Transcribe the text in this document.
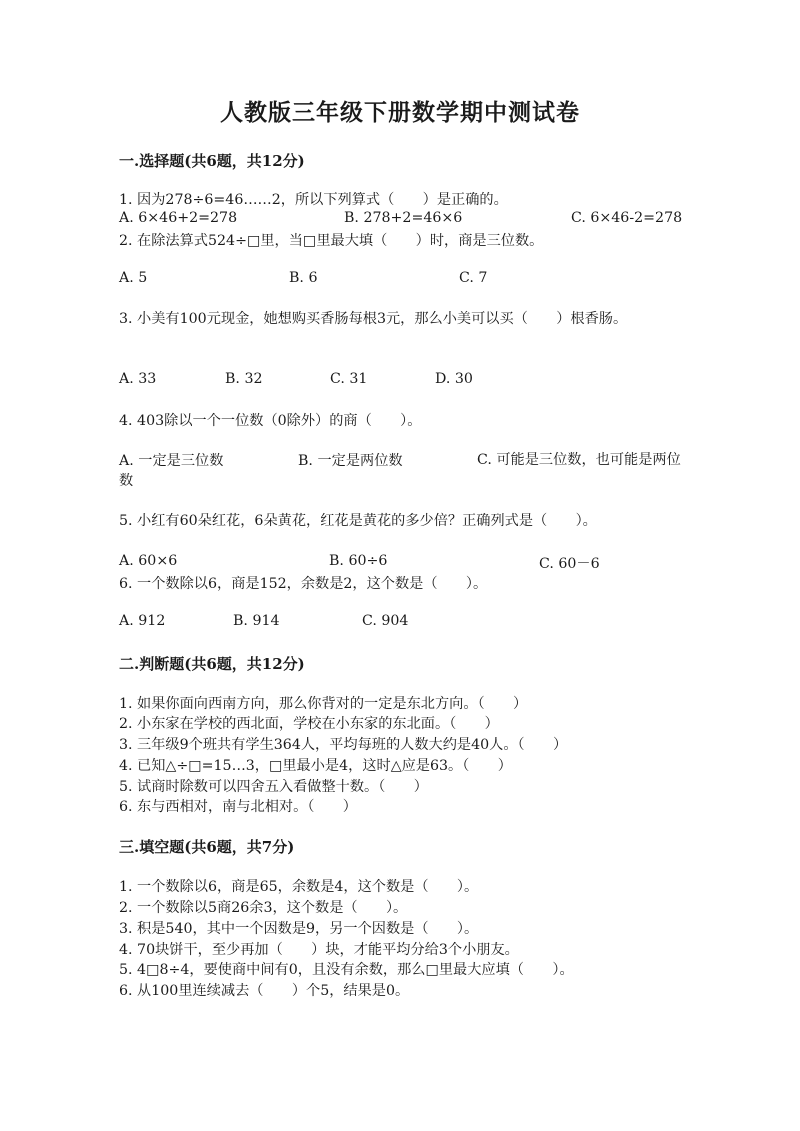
人教版三年级下册数学期中测试卷
一.选择题(共6题，共12分)
1. 因为278÷6=46……2，所以下列算式（　　）是正确的。
A. 6×46+2=278	B. 278+2=46×6	C. 6×46-2=278
2. 在除法算式524÷□里，当□里最大填（　　）时，商是三位数。
A. 5	B. 6	C. 7
3. 小美有100元现金，她想购买香肠每根3元，那么小美可以买（　　）根香肠。
A. 33	B. 32	C. 31	D. 30
4. 403除以一个一位数（0除外）的商（　　）。
A. 一定是三位数	B. 一定是两位数	C. 可能是三位数，也可能是两位数
5. 小红有60朵红花，6朵黄花，红花是黄花的多少倍？正确列式是（　　）。
A. 60×6	B. 60÷6	C. 60－6
6. 一个数除以6，商是152，余数是2，这个数是（　　）。
A. 912	B. 914	C. 904
二.判断题(共6题，共12分)
1. 如果你面向西南方向，那么你背对的一定是东北方向。（　　）
2. 小东家在学校的西北面，学校在小东家的东北面。（　　）
3. 三年级9个班共有学生364人，平均每班的人数大约是40人。（　　）
4. 已知△÷□=15…3，□里最小是4，这时△应是63。（　　）
5. 试商时除数可以四舍五入看做整十数。（　　）
6. 东与西相对，南与北相对。（　　）
三.填空题(共6题，共7分)
1. 一个数除以6，商是65，余数是4，这个数是（　　）。
2. 一个数除以5商26余3，这个数是（　　）。
3. 积是540，其中一个因数是9，另一个因数是（　　）。
4. 70块饼干，至少再加（　　）块，才能平均分给3个小朋友。
5. 4□8÷4，要使商中间有0，且没有余数，那么□里最大应填（　　）。
6. 从100里连续减去（　　）个5，结果是0。
